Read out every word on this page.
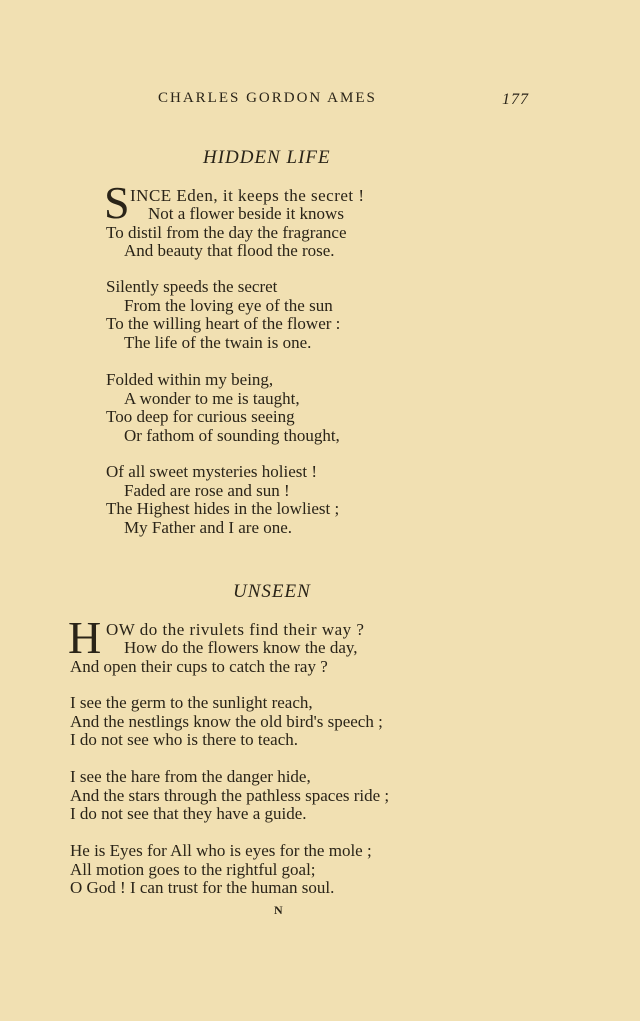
CHARLES GORDON AMES	177
HIDDEN LIFE
S INCE Eden, it keeps the secret !
Not a flower beside it knows
To distil from the day the fragrance
And beauty that flood the rose.
Silently speeds the secret
From the loving eye of the sun
To the willing heart of the flower :
The life of the twain is one.
Folded within my being,
A wonder to me is taught,
Too deep for curious seeing
Or fathom of sounding thought,
Of all sweet mysteries holiest !
Faded are rose and sun !
The Highest hides in the lowliest ;
My Father and I are one.
UNSEEN
H OW do the rivulets find their way ?
How do the flowers know the day,
And open their cups to catch the ray ?
I see the germ to the sunlight reach,
And the nestlings know the old bird's speech ;
I do not see who is there to teach.
I see the hare from the danger hide,
And the stars through the pathless spaces ride ;
I do not see that they have a guide.
He is Eyes for All who is eyes for the mole ;
All motion goes to the rightful goal;
O God ! I can trust for the human soul.
N
